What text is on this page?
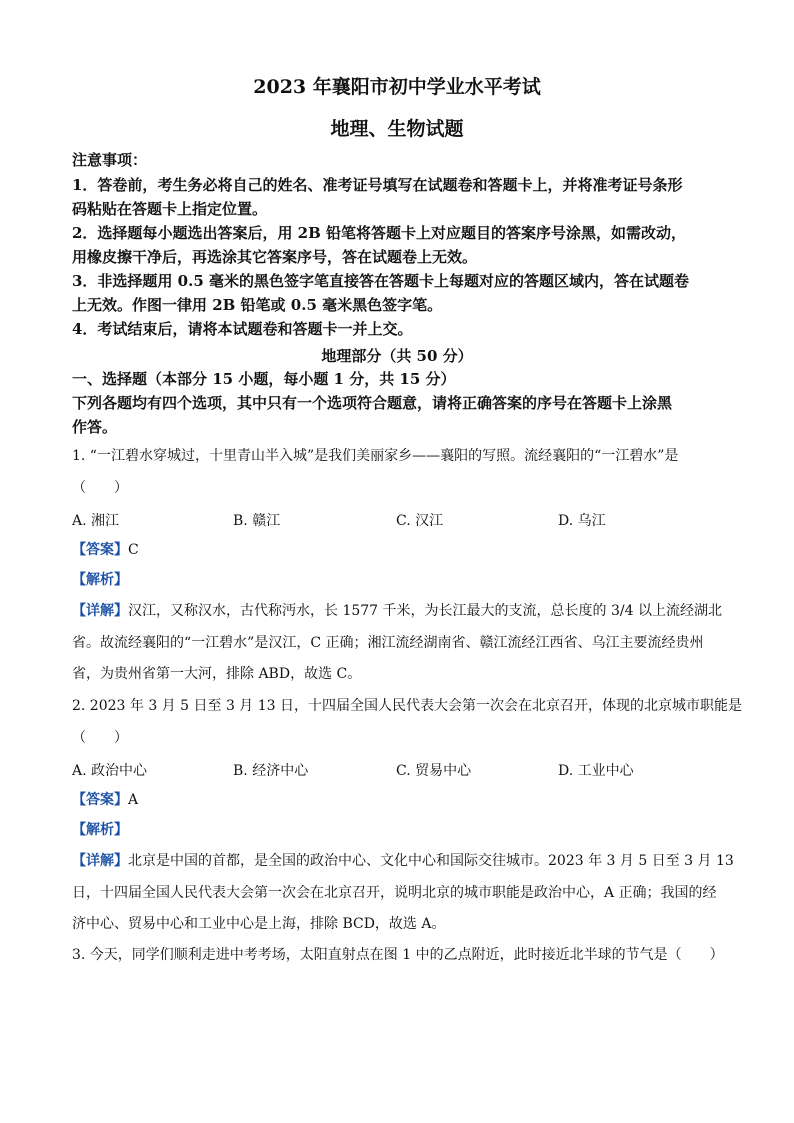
2023 年襄阳市初中学业水平考试
地理、生物试题
注意事项：
1．答卷前，考生务必将自己的姓名、准考证号填写在试题卷和答题卡上，并将准考证号条形
码粘贴在答题卡上指定位置。
2．选择题每小题选出答案后，用 2B 铅笔将答题卡上对应题目的答案序号涂黑，如需改动，
用橡皮擦干净后，再选涂其它答案序号，答在试题卷上无效。
3．非选择题用 0.5 毫米的黑色签字笔直接答在答题卡上每题对应的答题区域内，答在试题卷
上无效。作图一律用 2B 铅笔或 0.5 毫米黑色签字笔。
4．考试结束后，请将本试题卷和答题卡一并上交。
地理部分（共 50 分）
一、选择题（本部分 15 小题，每小题 1 分，共 15 分）
下列各题均有四个选项，其中只有一个选项符合题意，请将正确答案的序号在答题卡上涂黑
作答。
1. “一江碧水穿城过，十里青山半入城”是我们美丽家乡——襄阳的写照。流经襄阳的“一江碧水”是
（　　）
A. 湘江	B. 赣江	C. 汉江	D. 乌江
【答案】C
【解析】
【详解】汉江，又称汉水，古代称沔水，长 1577 千米，为长江最大的支流，总长度的 3/4 以上流经湖北
省。故流经襄阳的“一江碧水”是汉江，C 正确；湘江流经湖南省、赣江流经江西省、乌江主要流经贵州
省，为贵州省第一大河，排除 ABD，故选 C。
2. 2023 年 3 月 5 日至 3 月 13 日，十四届全国人民代表大会第一次会在北京召开，体现的北京城市职能是
（　　）
A. 政治中心	B. 经济中心	C. 贸易中心	D. 工业中心
【答案】A
【解析】
【详解】北京是中国的首都，是全国的政治中心、文化中心和国际交往城市。2023 年 3 月 5 日至 3 月 13
日，十四届全国人民代表大会第一次会在北京召开，说明北京的城市职能是政治中心，A 正确；我国的经
济中心、贸易中心和工业中心是上海，排除 BCD，故选 A。
3. 今天，同学们顺利走进中考考场，太阳直射点在图 1 中的乙点附近，此时接近北半球的节气是（　　）
